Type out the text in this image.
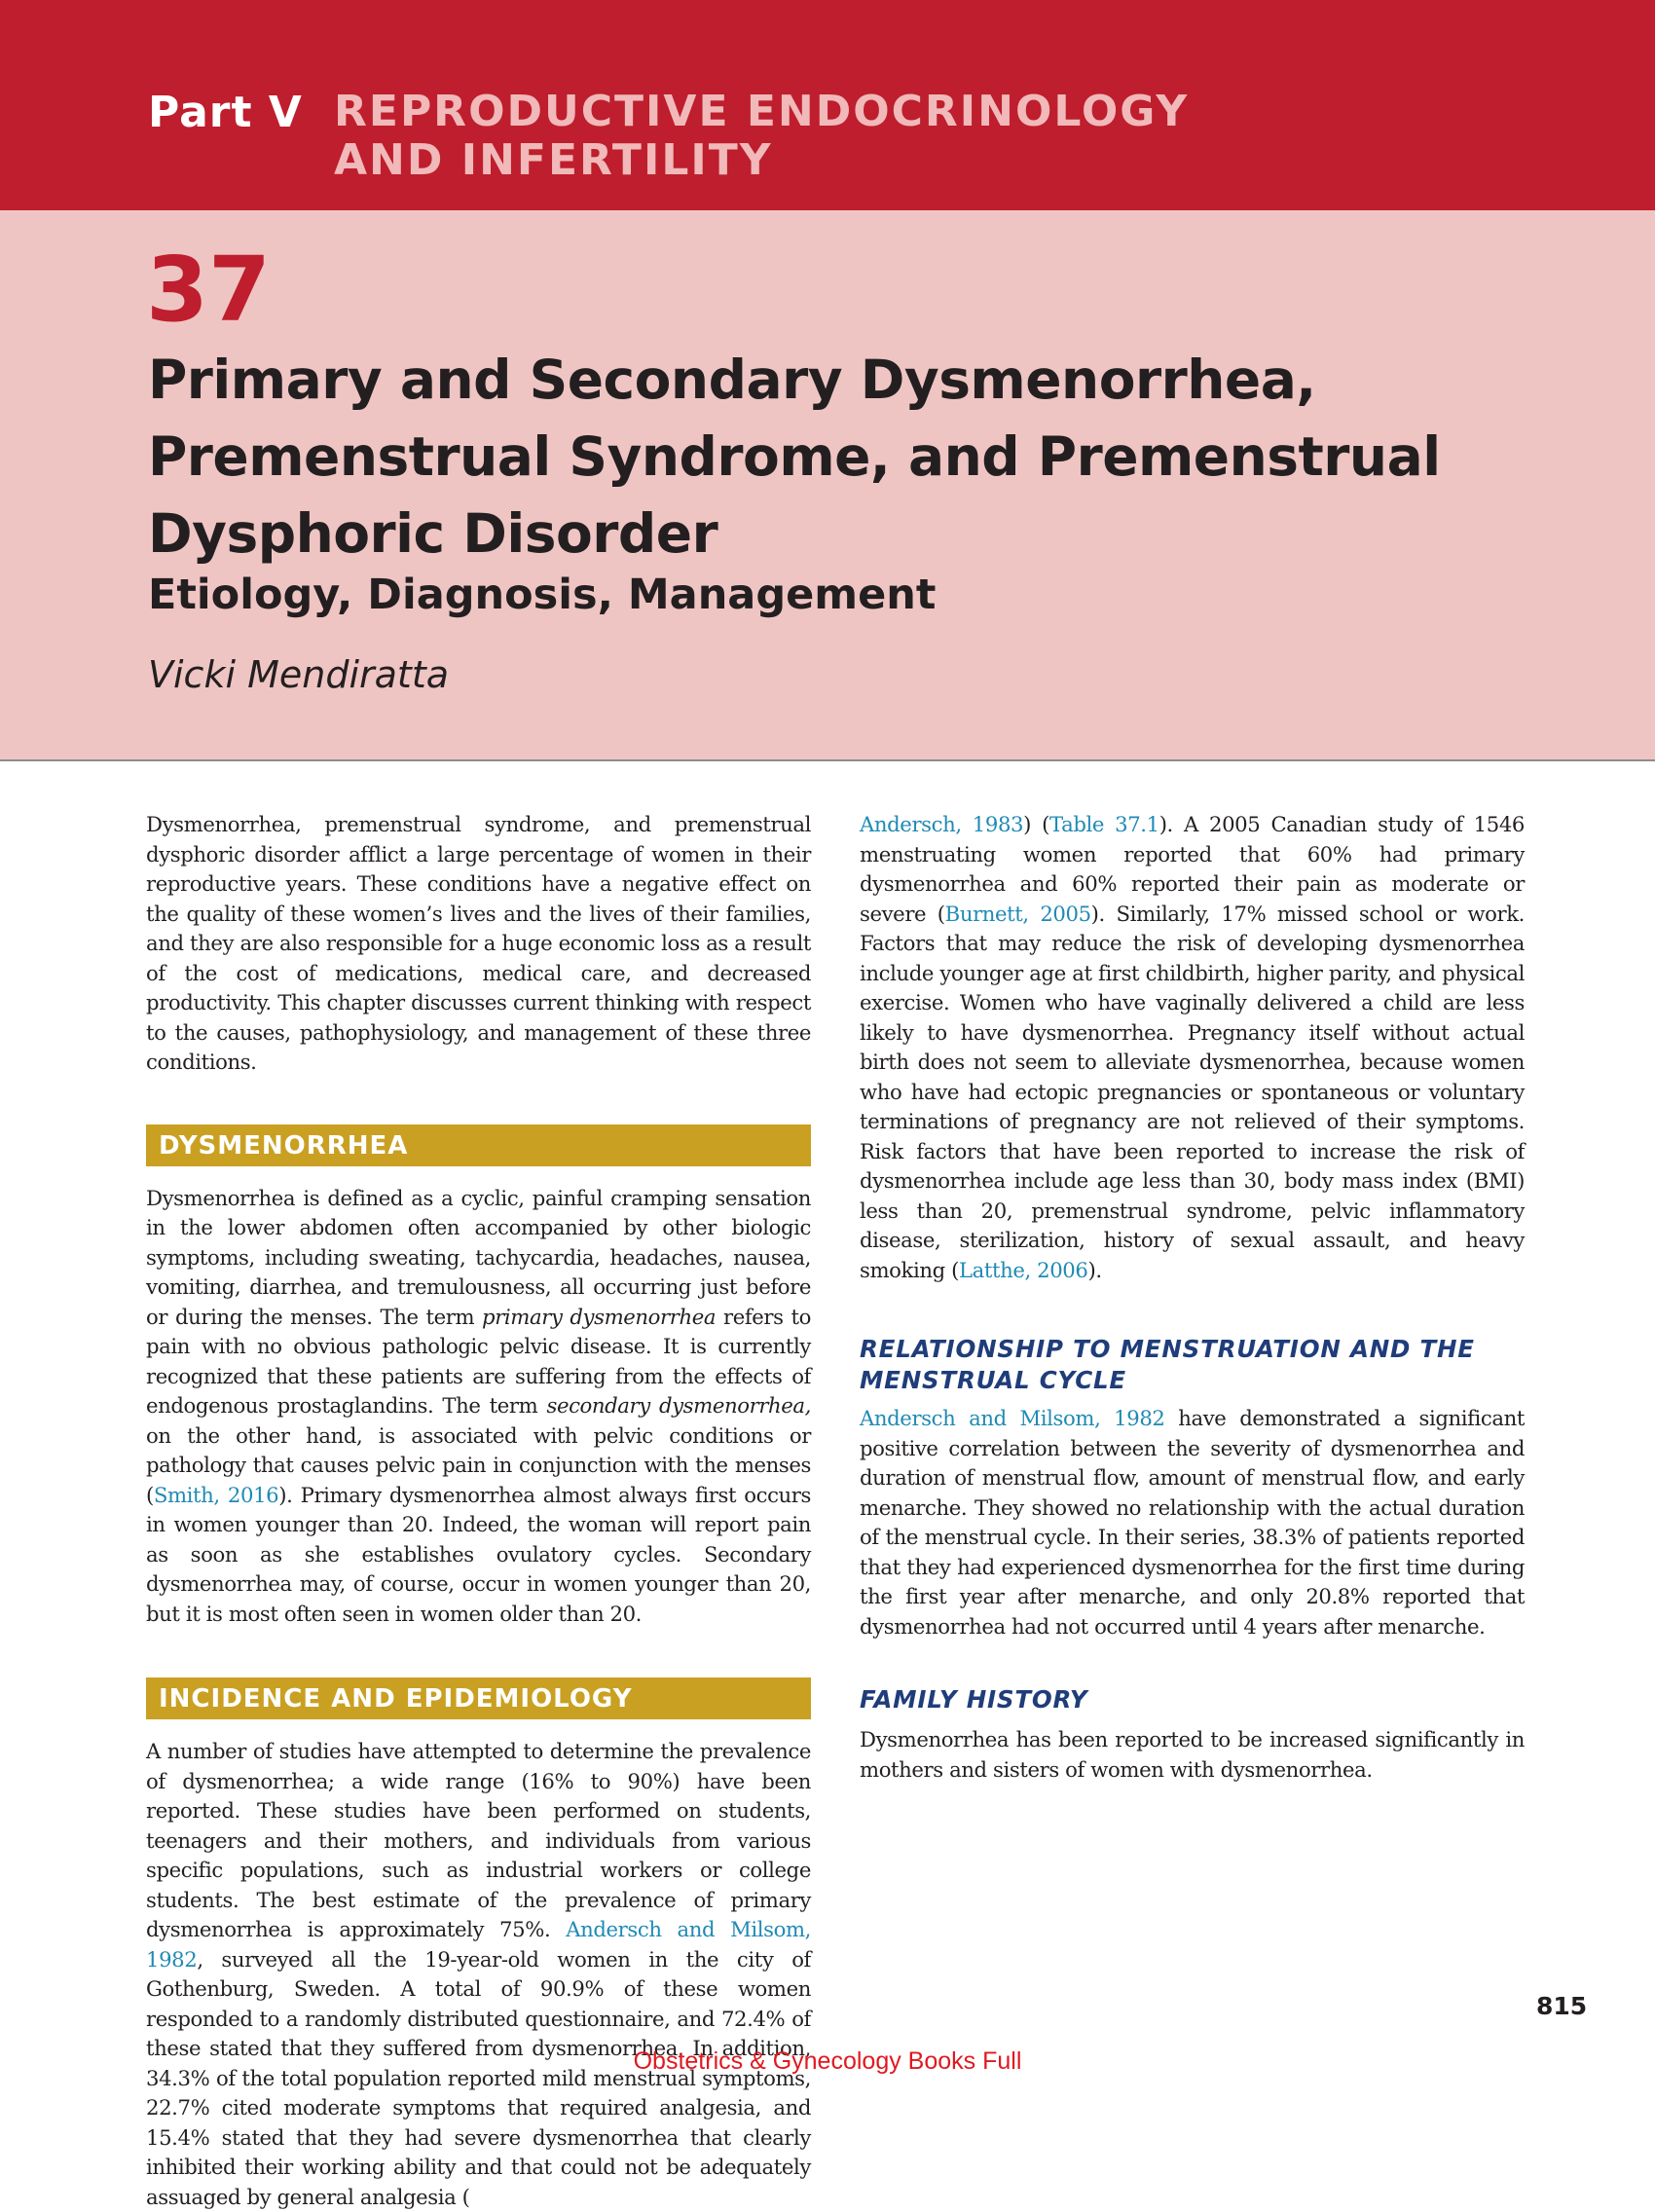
Part V REPRODUCTIVE ENDOCRINOLOGY
AND INFERTILITY
37
Primary and Secondary Dysmenorrhea,
Premenstrual Syndrome, and Premenstrual
Dysphoric Disorder
Etiology, Diagnosis, Management
Vicki Mendiratta

Dysmenorrhea, premenstrual syndrome, and premenstrual dysphoric disorder afflict a large percentage of women in their reproductive years. These conditions have a negative effect on the quality of these women’s lives and the lives of their families, and they are also responsible for a huge economic loss as a result of the cost of medications, medical care, and decreased productivity. This chapter discusses current thinking with respect to the causes, pathophysiology, and management of these three conditions.

DYSMENORRHEA

Dysmenorrhea is defined as a cyclic, painful cramping sensation in the lower abdomen often accompanied by other biologic symptoms, including sweating, tachycardia, headaches, nausea, vomiting, diarrhea, and tremulousness, all occurring just before or during the menses. The term primary dysmenorrhea refers to pain with no obvious pathologic pelvic disease. It is currently recognized that these patients are suffering from the effects of endogenous prostaglandins. The term secondary dysmenorrhea, on the other hand, is associated with pelvic conditions or pathology that causes pelvic pain in conjunction with the menses (Smith, 2016). Primary dysmenorrhea almost always first occurs in women younger than 20. Indeed, the woman will report pain as soon as she establishes ovulatory cycles. Secondary dysmenorrhea may, of course, occur in women younger than 20, but it is most often seen in women older than 20.

INCIDENCE AND EPIDEMIOLOGY

A number of studies have attempted to determine the prevalence of dysmenorrhea; a wide range (16% to 90%) have been reported. These studies have been performed on students, teenagers and their mothers, and individuals from various specific populations, such as industrial workers or college students. The best estimate of the prevalence of primary dysmenorrhea is approximately 75%. Andersch and Milsom, 1982, surveyed all the 19-year-old women in the city of Gothenburg, Sweden. A total of 90.9% of these women responded to a randomly distributed questionnaire, and 72.4% of these stated that they suffered from dysmenorrhea. In addition, 34.3% of the total population reported mild menstrual symptoms, 22.7% cited moderate symptoms that required analgesia, and 15.4% stated that they had severe dysmenorrhea that clearly inhibited their working ability and that could not be adequately assuaged by general analgesia (

Andersch, 1983) (Table 37.1). A 2005 Canadian study of 1546 menstruating women reported that 60% had primary dysmenorrhea and 60% reported their pain as moderate or severe (Burnett, 2005). Similarly, 17% missed school or work. Factors that may reduce the risk of developing dysmenorrhea include younger age at first childbirth, higher parity, and physical exercise. Women who have vaginally delivered a child are less likely to have dysmenorrhea. Pregnancy itself without actual birth does not seem to alleviate dysmenorrhea, because women who have had ectopic pregnancies or spontaneous or voluntary terminations of pregnancy are not relieved of their symptoms. Risk factors that have been reported to increase the risk of dysmenorrhea include age less than 30, body mass index (BMI) less than 20, premenstrual syndrome, pelvic inflammatory disease, sterilization, history of sexual assault, and heavy smoking (Latthe, 2006).

RELATIONSHIP TO MENSTRUATION AND THE

MENSTRUAL CYCLE

Andersch and Milsom, 1982 have demonstrated a significant positive correlation between the severity of dysmenorrhea and duration of menstrual flow, amount of menstrual flow, and early menarche. They showed no relationship with the actual duration of the menstrual cycle. In their series, 38.3% of patients reported that they had experienced dysmenorrhea for the first time during the first year after menarche, and only 20.8% reported that dysmenorrhea had not occurred until 4 years after menarche.

FAMILY HISTORY

Dysmenorrhea has been reported to be increased significantly in mothers and sisters of women with dysmenorrhea.

815
Obstetrics & Gynecology Books Full
